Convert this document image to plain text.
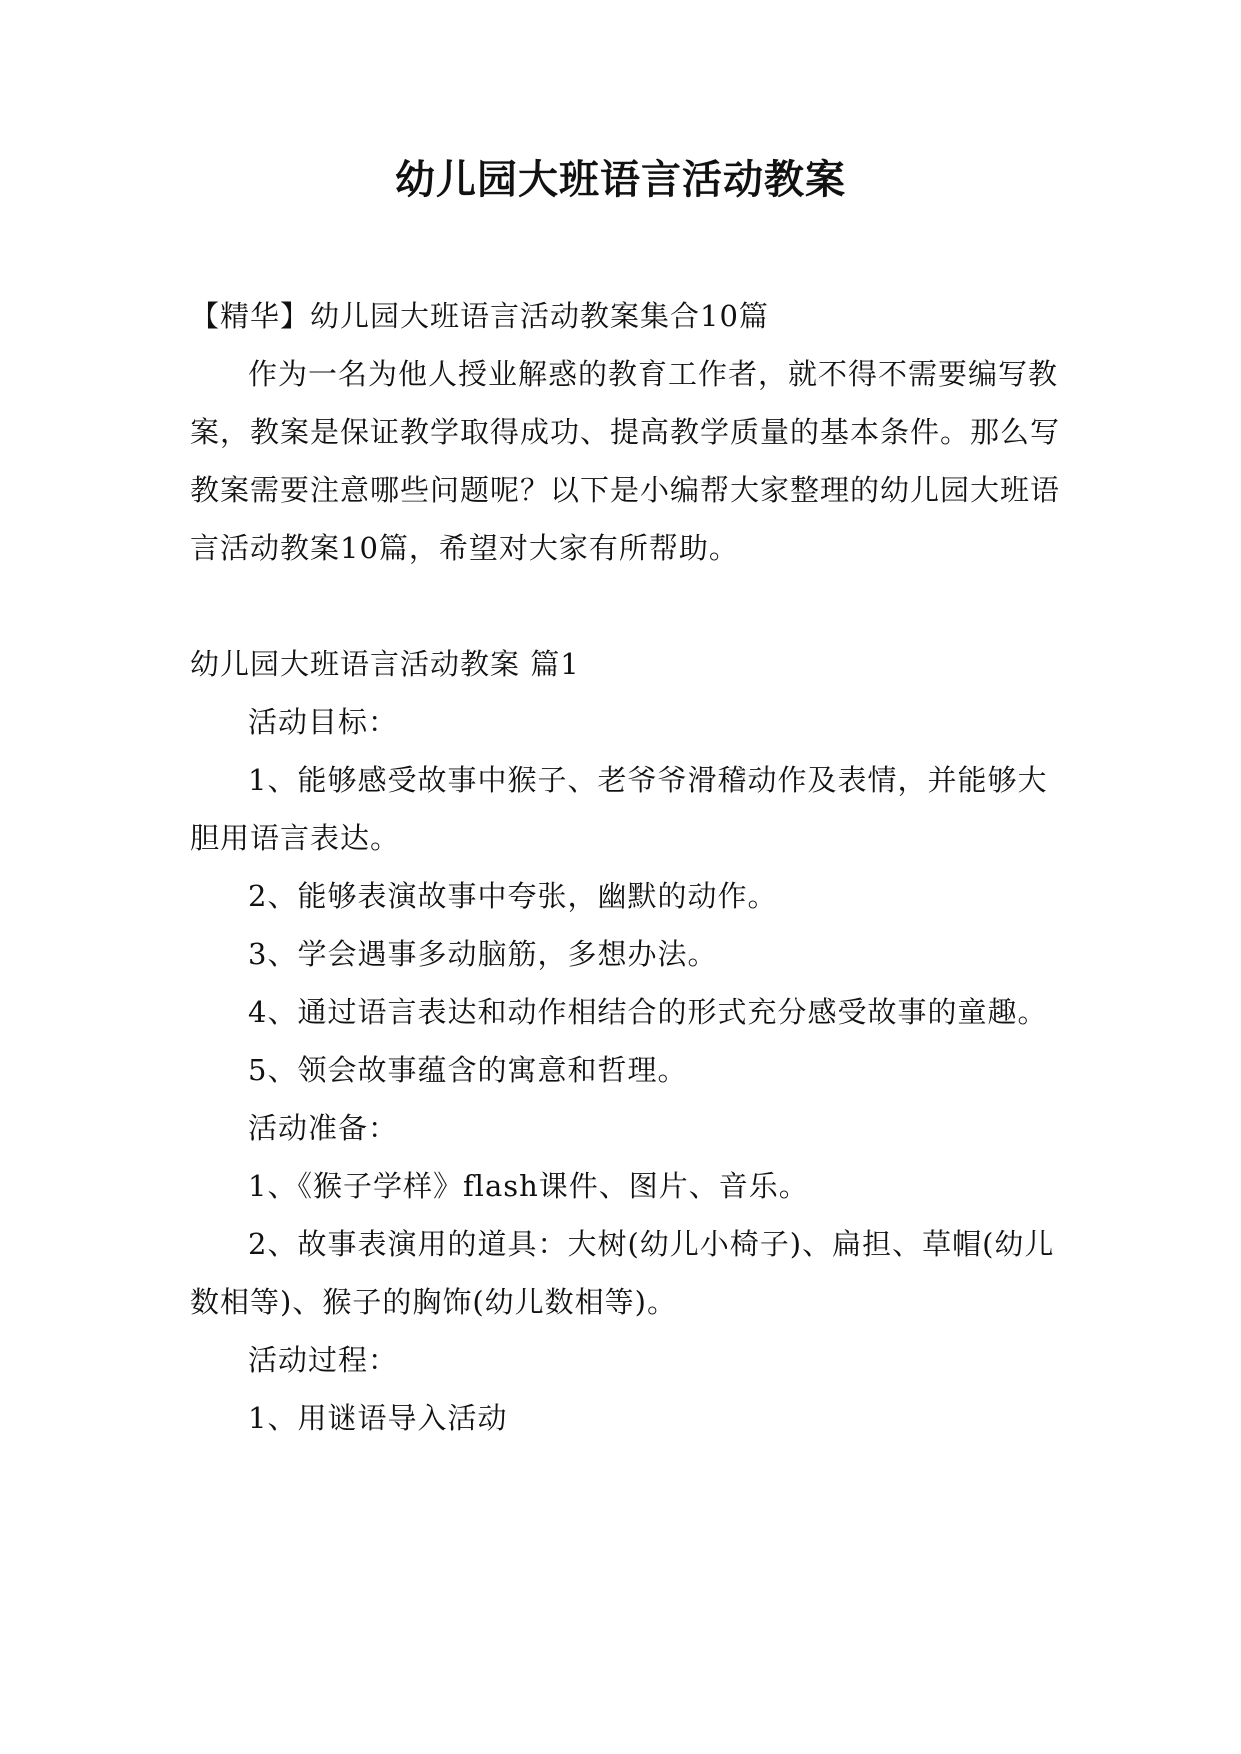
幼儿园大班语言活动教案

【精华】幼儿园大班语言活动教案集合10篇

作为一名为他人授业解惑的教育工作者，就不得不需要编写教案，教案是保证教学取得成功、提高教学质量的基本条件。那么写教案需要注意哪些问题呢？以下是小编帮大家整理的幼儿园大班语言活动教案10篇，希望对大家有所帮助。

幼儿园大班语言活动教案 篇1

活动目标：

1、能够感受故事中猴子、老爷爷滑稽动作及表情，并能够大胆用语言表达。

2、能够表演故事中夸张，幽默的动作。

3、学会遇事多动脑筋，多想办法。

4、通过语言表达和动作相结合的形式充分感受故事的童趣。

5、领会故事蕴含的寓意和哲理。

活动准备：

1、《猴子学样》flash课件、图片、音乐。

2、故事表演用的道具：大树(幼儿小椅子)、扁担、草帽(幼儿数相等)、猴子的胸饰(幼儿数相等)。

活动过程：

1、用谜语导入活动
